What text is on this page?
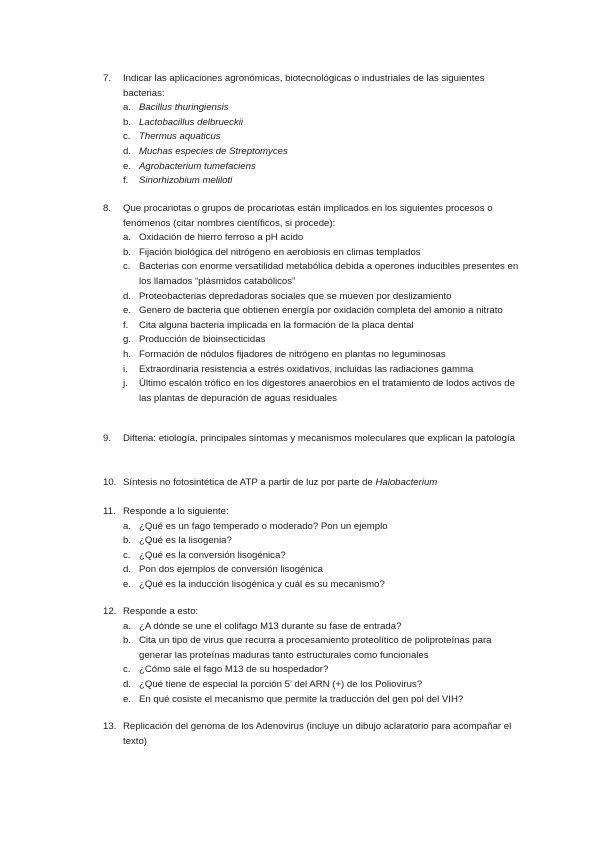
7. Indicar las aplicaciones agronómicas, biotecnológicas o industriales de las siguientes bacterias:
a. Bacillus thuringiensis
b. Lactobacillus delbrueckii
c. Thermus aquaticus
d. Muchas especies de Streptomyces
e. Agrobacterium tumefaciens
f. Sinorhizobium meliloti
8. Que procariotas o grupos de procariotas están implicados en los siguientes procesos o fenómenos (citar nombres científicos, si procede):
a. Oxidación de hierro ferroso a pH acido
b. Fijación biológica del nitrógeno en aerobiosis en climas templados
c. Bacterias con enorme versatilidad metabólica debida a operones inducibles presentes en los llamados “plásmidos catabólicos”
d. Proteobacterias depredadoras sociales que se mueven por deslizamiento
e. Genero de bacteria que obtienen energía por oxidación completa del amonio a nitrato
f. Cita alguna bacteria implicada en la formación de la placa dental
g. Producción de bioinsecticidas
h. Formación de nódulos fijadores de nitrógeno en plantas no leguminosas
i. Extraordinaria resistencia a estrés oxidativos, incluidas las radiaciones gamma
j. Último escalón trófico en los digestores anaerobios en el tratamiento de lodos activos de las plantas de depuración de aguas residuales
9. Difteria: etiología, principales síntomas y mecanismos moleculares que explican la patología
10. Síntesis no fotosintética de ATP a partir de luz por parte de Halobacterium
11. Responde a lo siguiente:
a. ¿Qué es un fago temperado o moderado? Pon un ejemplo
b. ¿Qué es la lisogenia?
c. ¿Qué es la conversión lisogénica?
d. Pon dos ejemplos de conversión lisogénica
e. ¿Qué es la inducción lisogénica y cuál es su mecanismo?
12. Responde a esto:
a. ¿A dónde se une el colifago M13 durante su fase de entrada?
b. Cita un tipo de virus que recurra a procesamiento proteolítico de poliproteínas para generar las proteínas maduras tanto estructurales como funcionales
c. ¿Cómo sale el fago M13 de su hospedador?
d. ¿Qué tiene de especial la porción 5’ del ARN (+) de los Poliovirus?
e. En qué cosiste el mecanismo que permite la traducción del gen pol del VIH?
13. Replicación del genoma de los Adenovirus (incluye un dibujo aclaratorio para acompañar el texto)
